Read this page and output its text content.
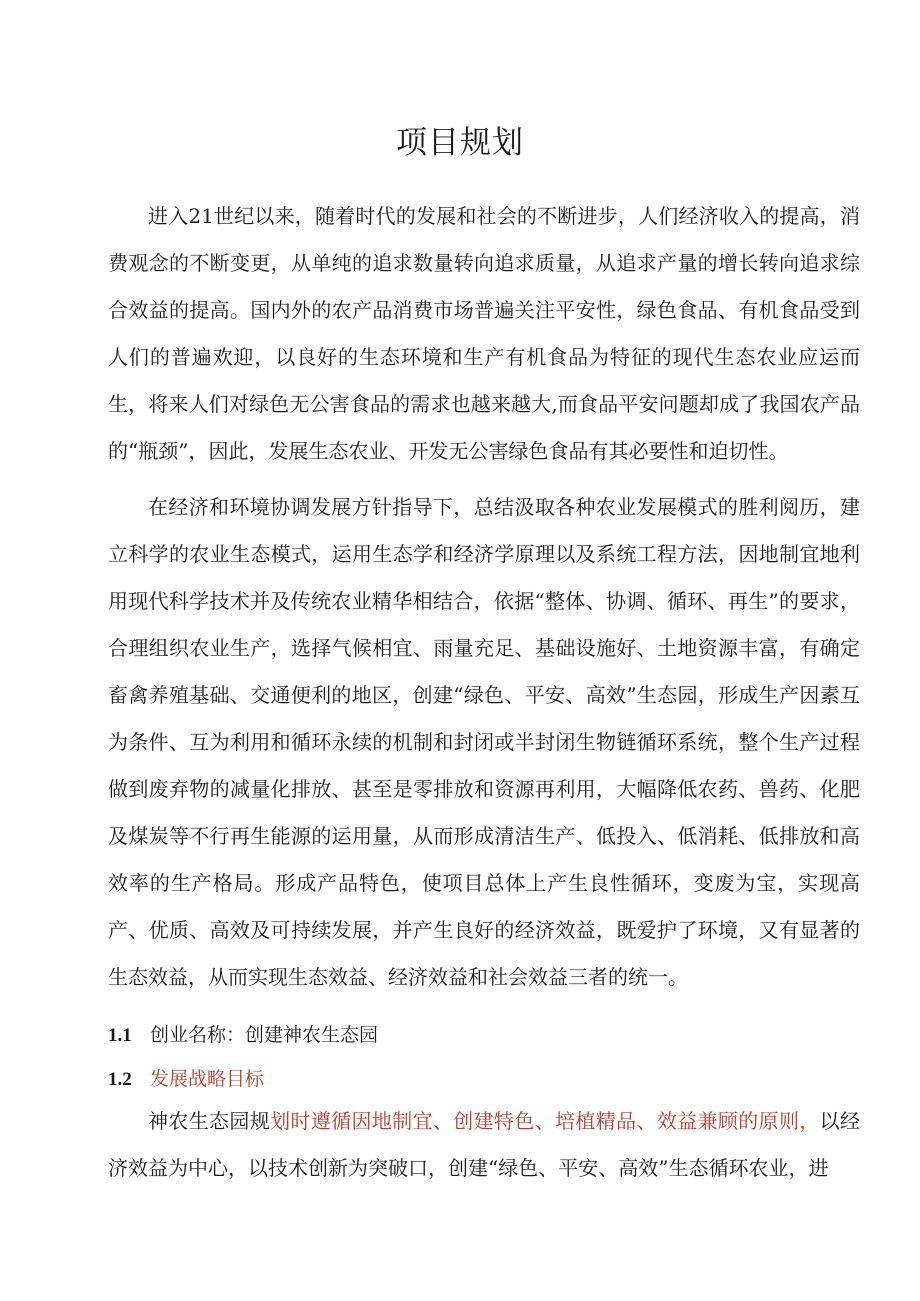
项目规划

进入21世纪以来，随着时代的发展和社会的不断进步，人们经济收入的提高，消费观念的不断变更，从单纯的追求数量转向追求质量，从追求产量的增长转向追求综合效益的提高。国内外的农产品消费市场普遍关注平安性，绿色食品、有机食品受到人们的普遍欢迎，以良好的生态环境和生产有机食品为特征的现代生态农业应运而生，将来人们对绿色无公害食品的需求也越来越大,而食品平安问题却成了我国农产品的“瓶颈”，因此，发展生态农业、开发无公害绿色食品有其必要性和迫切性。

在经济和环境协调发展方针指导下，总结汲取各种农业发展模式的胜利阅历，建立科学的农业生态模式，运用生态学和经济学原理以及系统工程方法，因地制宜地利用现代科学技术并及传统农业精华相结合，依据“整体、协调、循环、再生”的要求，合理组织农业生产，选择气候相宜、雨量充足、基础设施好、土地资源丰富，有确定畜禽养殖基础、交通便利的地区，创建“绿色、平安、高效”生态园，形成生产因素互为条件、互为利用和循环永续的机制和封闭或半封闭生物链循环系统，整个生产过程做到废弃物的减量化排放、甚至是零排放和资源再利用，大幅降低农药、兽药、化肥及煤炭等不行再生能源的运用量，从而形成清洁生产、低投入、低消耗、低排放和高效率的生产格局。形成产品特色，使项目总体上产生良性循环，变废为宝，实现高产、优质、高效及可持续发展，并产生良好的经济效益，既爱护了环境，又有显著的生态效益，从而实现生态效益、经济效益和社会效益三者的统一。

1.1 创业名称：创建神农生态园
1.2 发展战略目标

神农生态园规划时遵循因地制宜、创建特色、培植精品、效益兼顾的原则，以经济效益为中心，以技术创新为突破口，创建“绿色、平安、高效”生态循环农业，进
